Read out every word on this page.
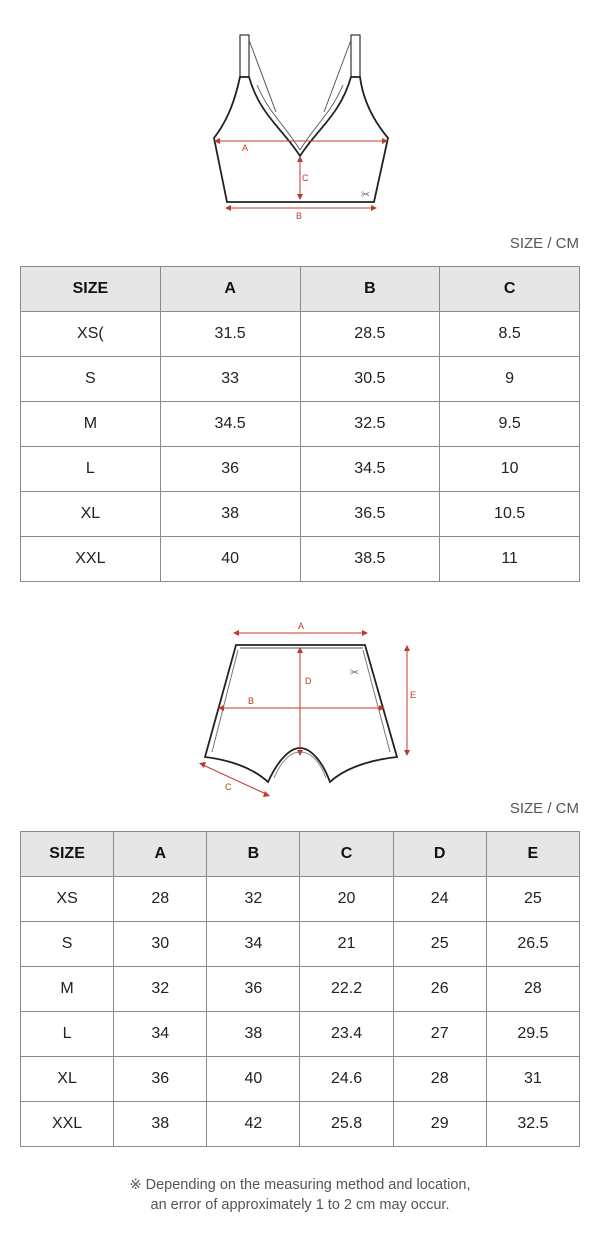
✂
A
C
B
SIZE / CM
SIZE	A	B	C
XS(	31.5	28.5	8.5
S	33	30.5	9
M	34.5	32.5	9.5
L	36	34.5	10
XL	38	36.5	10.5
XXL	40	38.5	11
✂
A
D
B
E
C
SIZE / CM
SIZE	A	B	C	D	E
XS	28	32	20	24	25
S	30	34	21	25	26.5
M	32	36	22.2	26	28
L	34	38	23.4	27	29.5
XL	36	40	24.6	28	31
XXL	38	42	25.8	29	32.5
※ Depending on the measuring method and location,
an error of approximately 1 to 2 cm may occur.
